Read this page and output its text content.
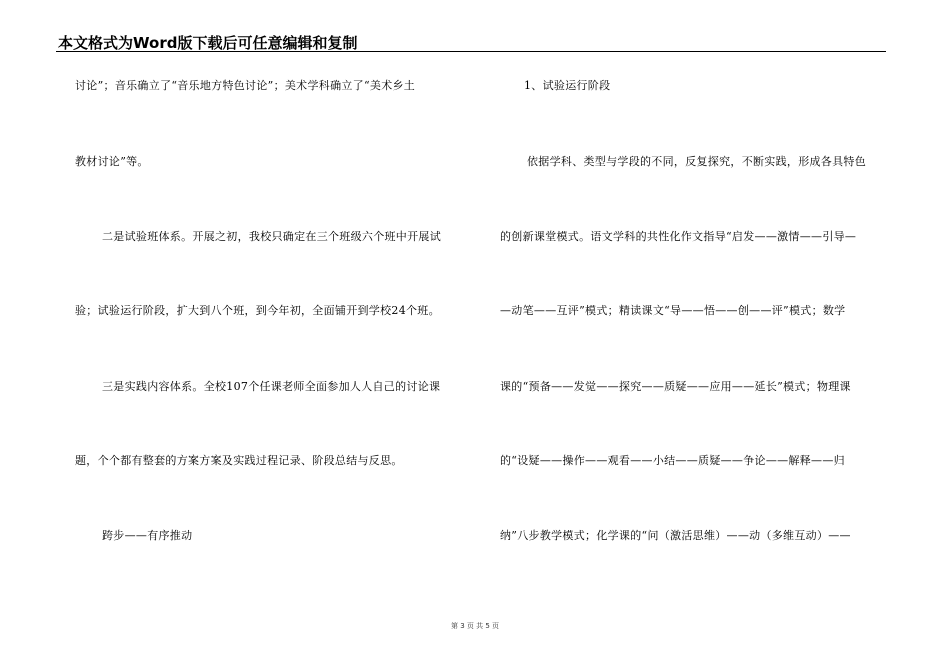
本文格式为Word版下载后可任意编辑和复制
讨论”；音乐确立了“音乐地方特色讨论”；美术学科确立了“美术乡土
教材讨论”等。
二是试验班体系。开展之初，我校只确定在三个班级六个班中开展试
验；试验运行阶段，扩大到八个班，到今年初，全面铺开到学校24个班。
三是实践内容体系。全校107个任课老师全面参加人人自己的讨论课
题，个个都有整套的方案方案及实践过程记录、阶段总结与反思。
跨步——有序推动
1、试验运行阶段
依据学科、类型与学段的不同，反复探究，不断实践，形成各具特色
的创新课堂模式。语文学科的共性化作文指导“启发——激情——引导—
—动笔——互评”模式；精读课文“导——悟——创——评”模式；数学
课的“预备——发觉——探究——质疑——应用——延长”模式；物理课
的“设疑——操作——观看——小结——质疑——争论——解释——归
纳”八步教学模式；化学课的“问（激活思维）——动（多维互动）——
第 3 页 共 5 页
